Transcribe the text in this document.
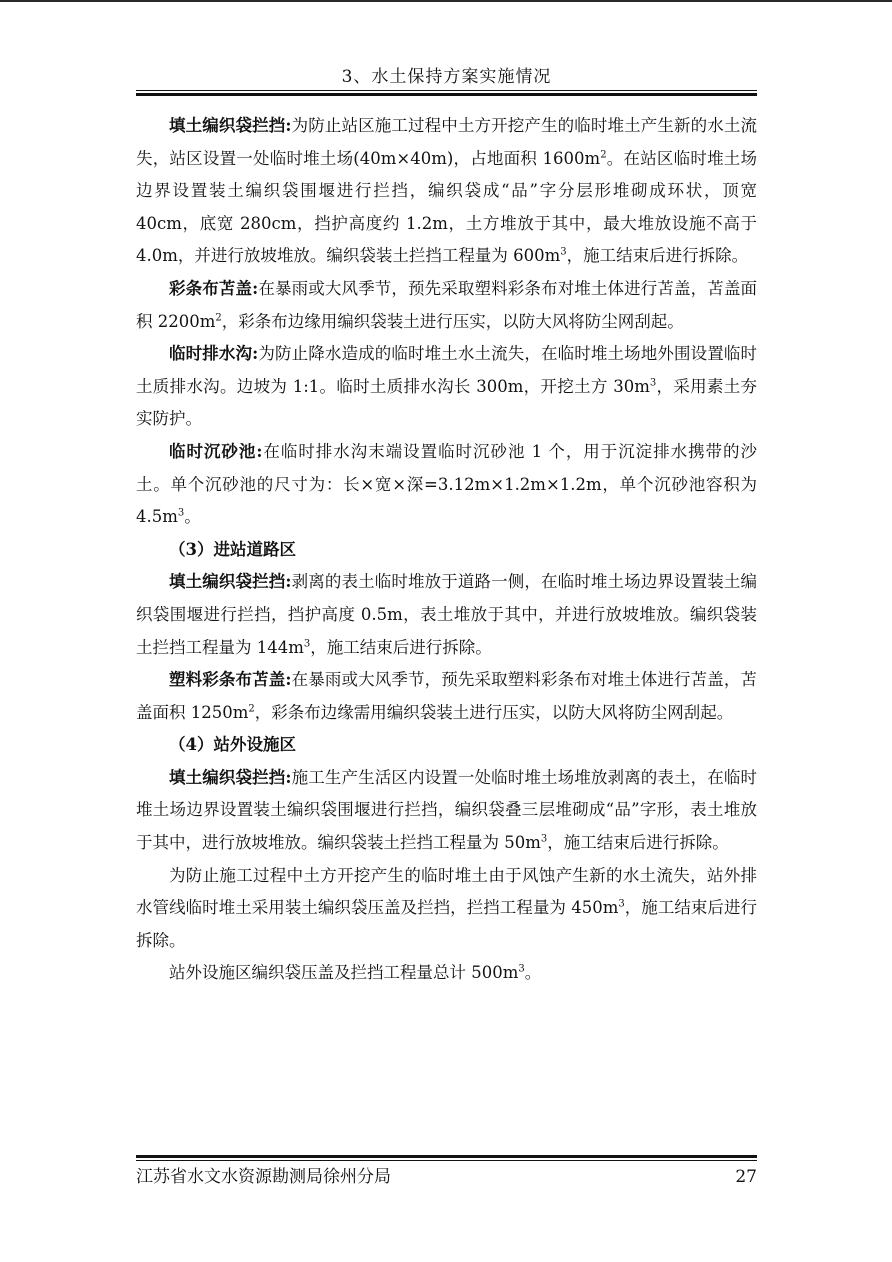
3、水土保持方案实施情况

填土编织袋拦挡:为防止站区施工过程中土方开挖产生的临时堆土产生新的水土流失，站区设置一处临时堆土场(40m×40m)，占地面积 $1600m^2$。在站区临时堆土场边界设置装土编织袋围堰进行拦挡，编织袋成“品”字分层形堆砌成环状，顶宽 40cm，底宽 280cm，挡护高度约 1.2m，土方堆放于其中，最大堆放设施不高于 4.0m，并进行放坡堆放。编织袋装土拦挡工程量为 $600m^3$，施工结束后进行拆除。

彩条布苫盖:在暴雨或大风季节，预先采取塑料彩条布对堆土体进行苫盖，苫盖面积 $2200m^2$，彩条布边缘用编织袋装土进行压实，以防大风将防尘网刮起。

临时排水沟:为防止降水造成的临时堆土水土流失，在临时堆土场地外围设置临时土质排水沟。边坡为 1:1。临时土质排水沟长 300m，开挖土方 $30m^3$，采用素土夯实防护。

临时沉砂池:在临时排水沟末端设置临时沉砂池 1 个，用于沉淀排水携带的沙土。单个沉砂池的尺寸为：长×宽×深=3.12m×1.2m×1.2m，单个沉砂池容积为 $4.5m^3$。

（3）进站道路区

填土编织袋拦挡:剥离的表土临时堆放于道路一侧，在临时堆土场边界设置装土编织袋围堰进行拦挡，挡护高度 0.5m，表土堆放于其中，并进行放坡堆放。编织袋装土拦挡工程量为 $144m^3$，施工结束后进行拆除。

塑料彩条布苫盖:在暴雨或大风季节，预先采取塑料彩条布对堆土体进行苫盖，苫盖面积 $1250m^2$，彩条布边缘需用编织袋装土进行压实，以防大风将防尘网刮起。

（4）站外设施区

填土编织袋拦挡:施工生产生活区内设置一处临时堆土场堆放剥离的表土，在临时堆土场边界设置装土编织袋围堰进行拦挡，编织袋叠三层堆砌成“品”字形，表土堆放于其中，进行放坡堆放。编织袋装土拦挡工程量为 $50m^3$，施工结束后进行拆除。

为防止施工过程中土方开挖产生的临时堆土由于风蚀产生新的水土流失，站外排水管线临时堆土采用装土编织袋压盖及拦挡，拦挡工程量为 $450m^3$，施工结束后进行拆除。

站外设施区编织袋压盖及拦挡工程量总计 $500m^3$。

江苏省水文水资源勘测局徐州分局	27
